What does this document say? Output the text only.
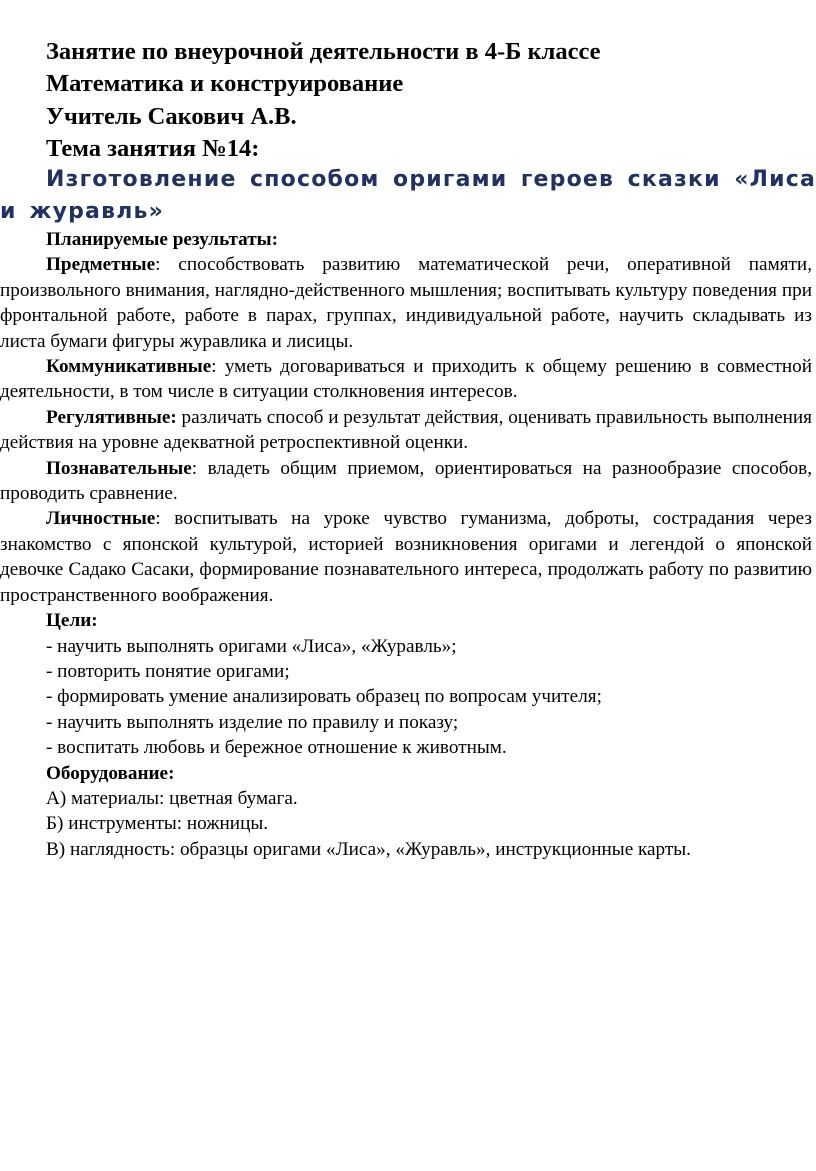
Занятие по внеурочной деятельности в 4-Б классе
Математика и конструирование
Учитель Сакович А.В.
Тема занятия №14:
Изготовление способом оригами героев сказки «Лиса и журавль»

Планируемые результаты:

Предметные: способствовать развитию математической речи, оперативной памяти, произвольного внимания, наглядно-действенного мышления; воспитывать культуру поведения при фронтальной работе, работе в парах, группах, индивидуальной работе, научить складывать из листа бумаги фигуры журавлика и лисицы.

Коммуникативные: уметь договариваться и приходить к общему решению в совместной деятельности, в том числе в ситуации столкновения интересов.

Регулятивные: различать способ и результат действия, оценивать правильность выполнения действия на уровне адекватной ретроспективной оценки.

Познавательные: владеть общим приемом, ориентироваться на разнообразие способов, проводить сравнение.

Личностные: воспитывать на уроке чувство гуманизма, доброты, сострадания через знакомство с японской культурой, историей возникновения оригами и легендой о японской девочке Садако Сасаки, формирование познавательного интереса, продолжать работу по развитию пространственного воображения.

Цели:

- научить выполнять оригами «Лиса», «Журавль»;
- повторить понятие оригами;
- формировать умение анализировать образец по вопросам учителя;
- научить выполнять изделие по правилу и показу;
- воспитать любовь и бережное отношение к животным.

Оборудование:

А) материалы: цветная бумага.
Б) инструменты: ножницы.
В) наглядность: образцы оригами «Лиса», «Журавль», инструкционные карты.
